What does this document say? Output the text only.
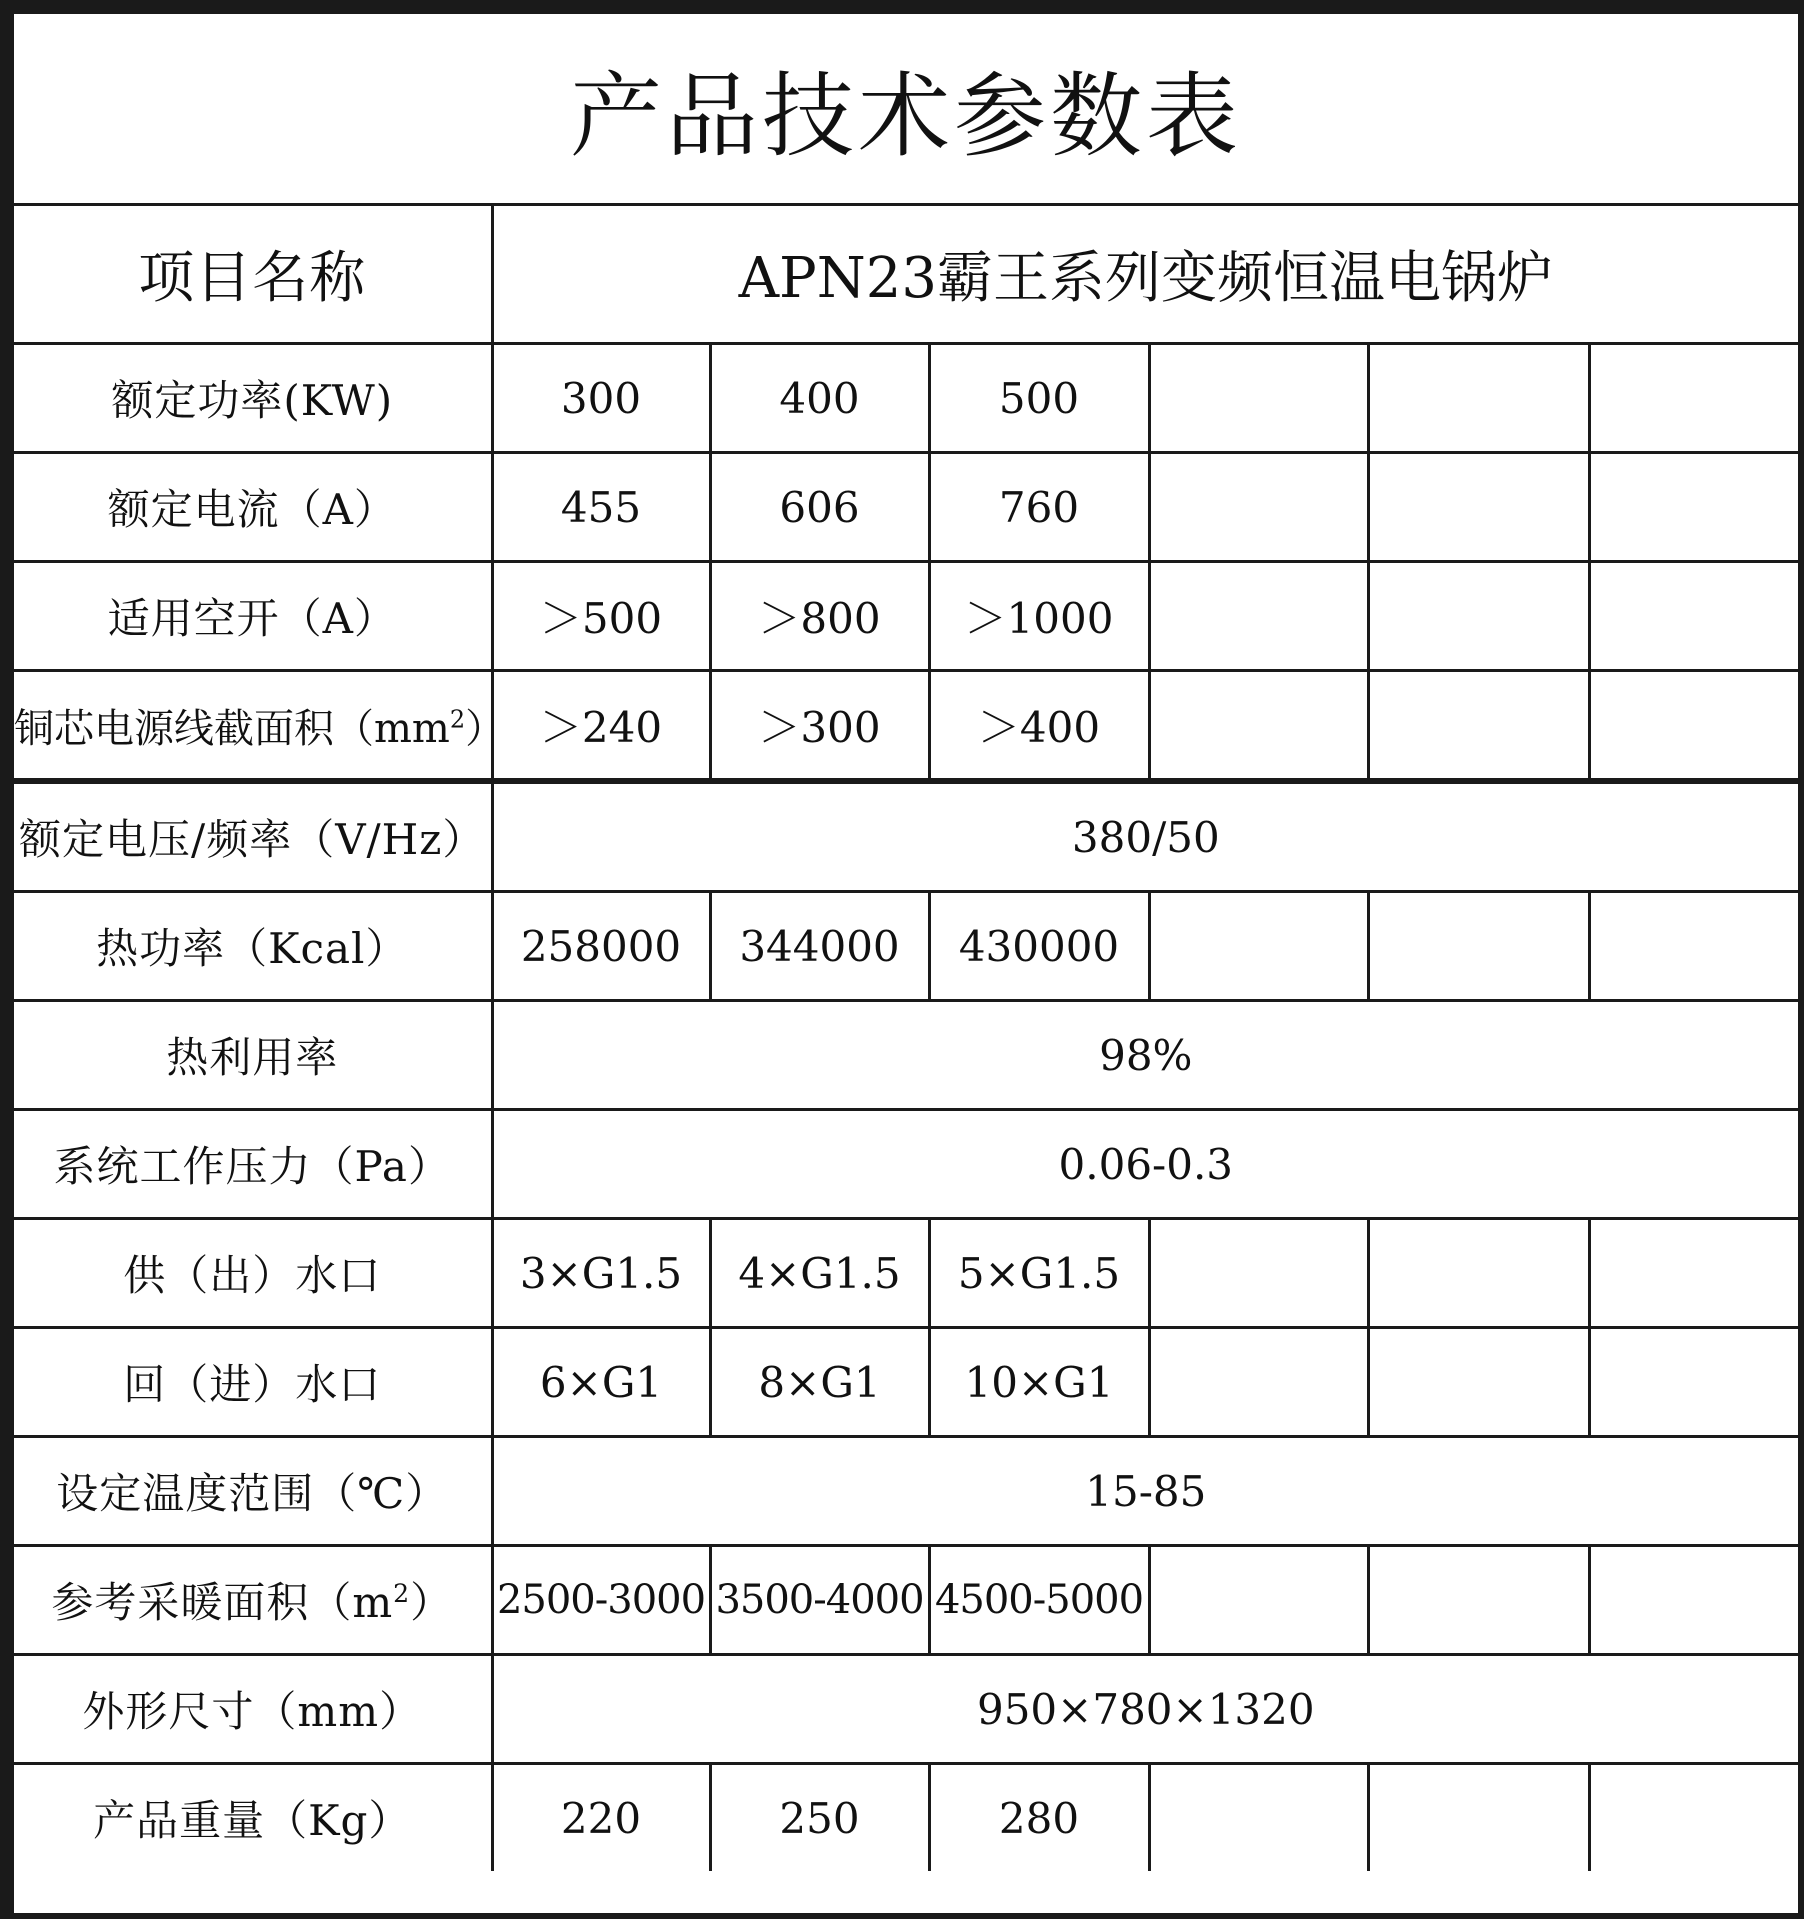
产品技术参数表
项目名称	APN23霸王系列变频恒温电锅炉					
额定功率(KW)	300	400	500			
额定电流（A）	455	606	760			
适用空开（A）	＞500	＞800	＞1000			
铜芯电源线截面积$(mm^2)$	＞240	＞300	＞400			
额定电压/频率（V/Hz）	380/50					
热功率（Kcal）	258000	344000	430000			
热利用率	98%					
系统工作压力（Pa）	0.06-0.3					
供（出）水口	3×G1.5	4×G1.5	5×G1.5			
回（进）水口	6×G1	8×G1	10×G1			
设定温度范围（℃）	15-85					
参考采暖面积$(m^2)$	2500-3000	3500-4000	4500-5000			
外形尺寸（mm）	950×780×1320					
产品重量（Kg）	220	250	280			
